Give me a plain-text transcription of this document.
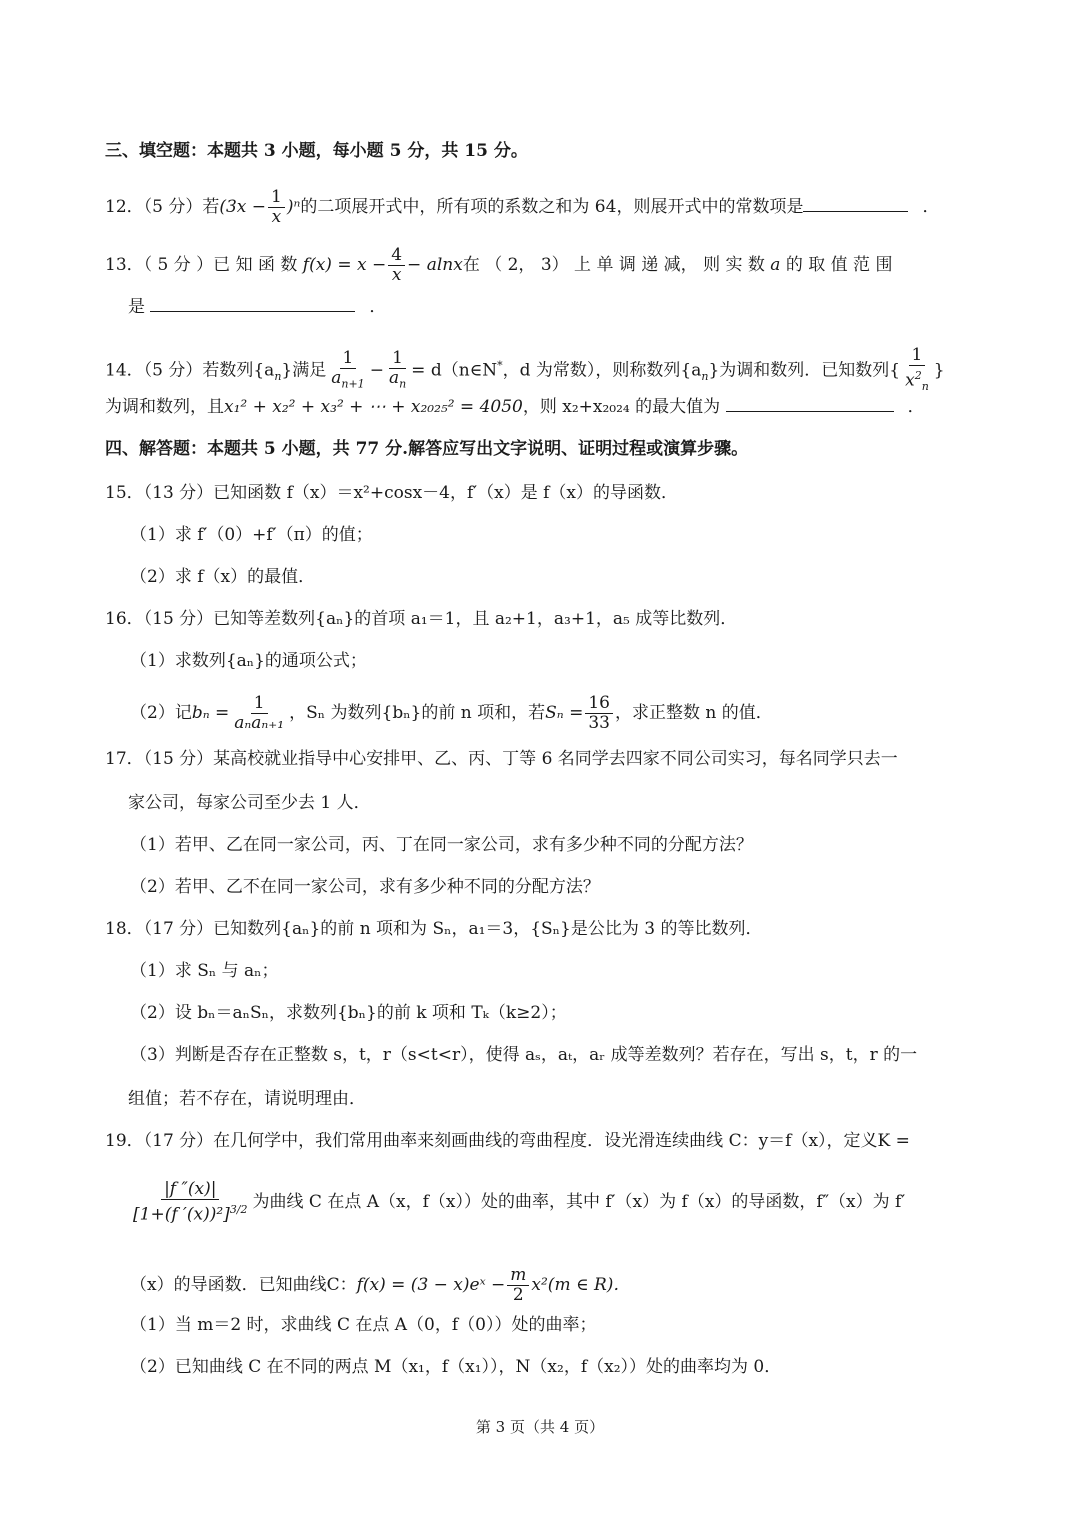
三、填空题：本题共 3 小题，每小题 5 分，共 15 分。
12．（5 分）若$(3x - \frac{1}{x} )^n$的二项展开式中，所有项的系数之和为 64，则展开式中的常数项是	．
13．（ 5 分 ）已 知 函 数 $f(x) = x - \frac{4}{x} - alnx$在 （ 2， 3） 上 单 调 递 减， 则 实 数 a 的 取 值 范 围
是	．
14．（5 分）若数列$\{a_n\}$满足 $\frac{1}{a_{n+1}} - \frac{1}{a_n}$ = d（n∈N*，d 为常数），则称数列$\{a_n\}$为调和数列．已知数列{ $\frac{1}{x^2_n}$ }
为调和数列，且x₁² + x₂² + x₃² + ⋯ + x₂₀₂₅² = 4050，则 x₂+x₂₀₂₄ 的最大值为	．
四、解答题：本题共 5 小题，共 77 分.解答应写出文字说明、证明过程或演算步骤。
15．（13 分）已知函数 f（x）＝x²+cosx－4，f′（x）是 f（x）的导函数．
（1）求 f′（0）+f′（π）的值；
（2）求 f（x）的最值．
16．（15 分）已知等差数列{aₙ}的首项 a₁＝1，且 a₂+1，a₃+1，a₅ 成等比数列．
（1）求数列{aₙ}的通项公式；
（2）记$b_n = \frac{1}{\text{aₙaₙ₊₁}}$ ，Sₙ 为数列{bₙ}的前 n 项和，若$S_n = \frac{16}{33}$ ，求正整数 n 的值．
17．（15 分）某高校就业指导中心安排甲、乙、丙、丁等 6 名同学去四家不同公司实习，每名同学只去一
家公司，每家公司至少去 1 人．
（1）若甲、乙在同一家公司，丙、丁在同一家公司，求有多少种不同的分配方法？
（2）若甲、乙不在同一家公司，求有多少种不同的分配方法？
18．（17 分）已知数列{aₙ}的前 n 项和为 Sₙ，a₁＝3，{Sₙ}是公比为 3 的等比数列．
（1）求 Sₙ 与 aₙ；
（2）设 bₙ＝aₙSₙ，求数列{bₙ}的前 k 项和 Tₖ（k≥2）；
（3）判断是否存在正整数 s，t，r（s<t<r），使得 aₛ，aₜ，aᵣ 成等差数列？若存在，写出 s，t，r 的一
组值；若不存在，请说明理由．
19．（17 分）在几何学中，我们常用曲率来刻画曲线的弯曲程度．设光滑连续曲线 C：y＝f（x），定义K =
$\frac{|f ''(x)|}{[1+(f '(x))^2]^{3/2}}$ 为曲线 C 在点 A（x，f（x））处的曲率，其中 f′（x）为 f（x）的导函数，f″（x）为 f′
（x）的导函数．已知曲线C：f(x) = (3 − x)eˣ − $\frac{m}{2} x^2(m$ ∈ R)．
（1）当 m＝2 时，求曲线 C 在点 A（0，f（0））处的曲率；
（2）已知曲线 C 在不同的两点 M（x₁，f（x₁）），N（x₂，f（x₂））处的曲率均为 0．
第 3 页（共 4 页）
